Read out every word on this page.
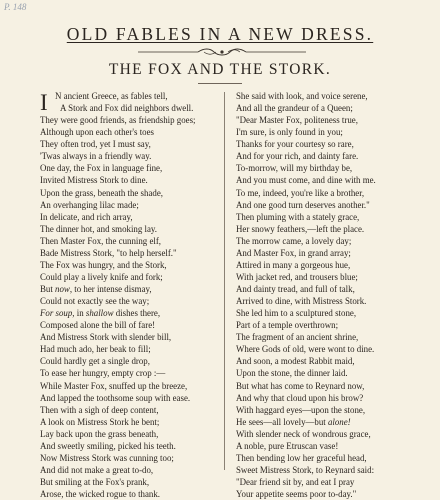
P. 148
OLD FABLES IN A NEW DRESS.
THE FOX AND THE STORK.
I N ancient Greece, as fables tell,
A Stork and Fox did neighbors dwell.
They were good friends, as friendship goes;
Although upon each other's toes
They often trod, yet I must say,
'Twas always in a friendly way.
One day, the Fox in language fine,
Invited Mistress Stork to dine.
Upon the grass, beneath the shade,
An overhanging lilac made;
In delicate, and rich array,
The dinner hot, and smoking lay.
Then Master Fox, the cunning elf,
Bade Mistress Stork, "to help herself."
The Fox was hungry, and the Stork,
Could play a lively knife and fork;
But now, to her intense dismay,
Could not exactly see the way;
For soup, in shallow dishes there,
Composed alone the bill of fare!
And Mistress Stork with slender bill,
Had much ado, her beak to fill;
Could hardly get a single drop,
To ease her hungry, empty crop :—
While Master Fox, snuffed up the breeze,
And lapped the toothsome soup with ease.
Then with a sigh of deep content,
A look on Mistress Stork he bent;
Lay back upon the grass beneath,
And sweetly smiling, picked his teeth.
Now Mistress Stork was cunning too;
And did not make a great to-do,
But smiling at the Fox's prank,
Arose, the wicked rogue to thank.
She said with look, and voice serene,
And all the grandeur of a Queen;
"Dear Master Fox, politeness true,
I'm sure, is only found in you;
Thanks for your courtesy so rare,
And for your rich, and dainty fare.
To-morrow, will my birthday be,
And you must come, and dine with me.
To me, indeed, you're like a brother,
And one good turn deserves another."
Then pluming with a stately grace,
Her snowy feathers,—left the place.
The morrow came, a lovely day;
And Master Fox, in grand array;
Attired in many a gorgeous hue,
With jacket red, and trousers blue;
And dainty tread, and full of talk,
Arrived to dine, with Mistress Stork.
She led him to a sculptured stone,
Part of a temple overthrown;
The fragment of an ancient shrine,
Where Gods of old, were wont to dine.
And soon, a modest Rabbit maid,
Upon the stone, the dinner laid.
But what has come to Reynard now,
And why that cloud upon his brow?
With haggard eyes—upon the stone,
He sees—all lovely—but alone!
With slender neck of wondrous grace,
A noble, pure Etruscan vase!
Then bending low her graceful head,
Sweet Mistress Stork, to Reynard said:
"Dear friend sit by, and eat I pray
Your appetite seems poor to-day."
